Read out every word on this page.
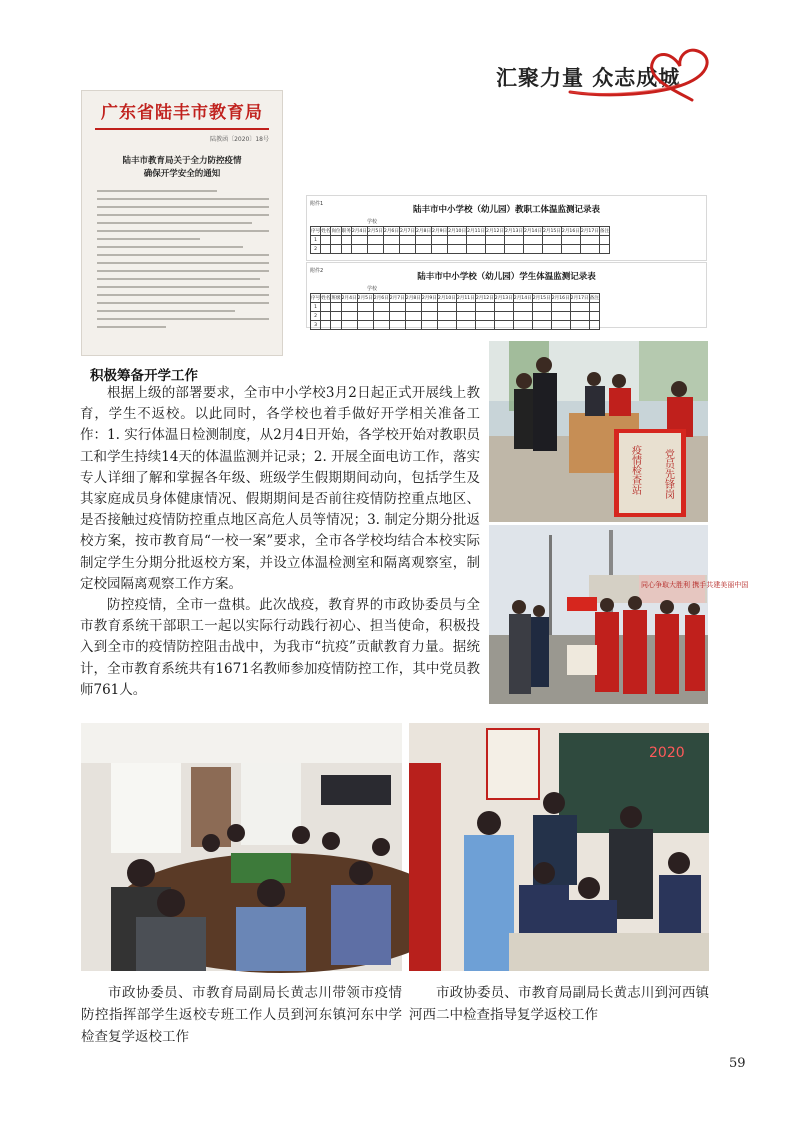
汇聚力量 众志成城
广东省陆丰市教育局
陆教函〔2020〕18号
陆丰市教育局关于全力防控疫情
确保开学安全的通知
附件1
陆丰市中小学校（幼儿园）教职工体温监测记录表
学校
序号	姓名	岗位	职务	2月4日	2月5日	2月6日	2月7日	2月8日	2月9日	2月10日	2月11日	2月12日	2月13日	2月14日	2月15日	2月16日	2月17日	备注
1																		
2																		
附件2
陆丰市中小学校（幼儿园）学生体温监测记录表
学校
序号	姓名	班级	2月4日	2月5日	2月6日	2月7日	2月8日	2月9日	2月10日	2月11日	2月12日	2月13日	2月14日	2月15日	2月16日	2月17日	备注
1																	
2																	
3																	
积极筹备开学工作

根据上级的部署要求，全市中小学校3月2日起正式开展线上教育，学生不返校。以此同时，各学校也着手做好开学相关准备工作：1. 实行体温日检测制度，从2月4日开始，各学校开始对教职员工和学生持续14天的体温监测并记录；2. 开展全面电访工作，落实专人详细了解和掌握各年级、班级学生假期期间动向，包括学生及其家庭成员身体健康情况、假期期间是否前往疫情防控重点地区、是否接触过疫情防控重点地区高危人员等情况；3. 制定分期分批返校方案，按市教育局“一校一案”要求，全市各学校均结合本校实际制定学生分期分批返校方案，并设立体温检测室和隔离观察室，制定校园隔离观察工作方案。

防控疫情，全市一盘棋。此次战疫，教育界的市政协委员与全市教育系统干部职工一起以实际行动践行初心、担当使命，积极投入到全市的疫情防控阻击战中，为我市“抗疫”贡献教育力量。据统计，全市教育系统共有1671名教师参加疫情防控工作，其中党员教师761人。

党员先锋岗
疫情检查站
同心争取大胜利 携手共建美丽中国
2020
市政协委员、市教育局副局长黄志川带领市疫情防控指挥部学生返校专班工作人员到河东镇河东中学检查复学返校工作
市政协委员、市教育局副局长黄志川到河西镇河西二中检查指导复学返校工作
59
